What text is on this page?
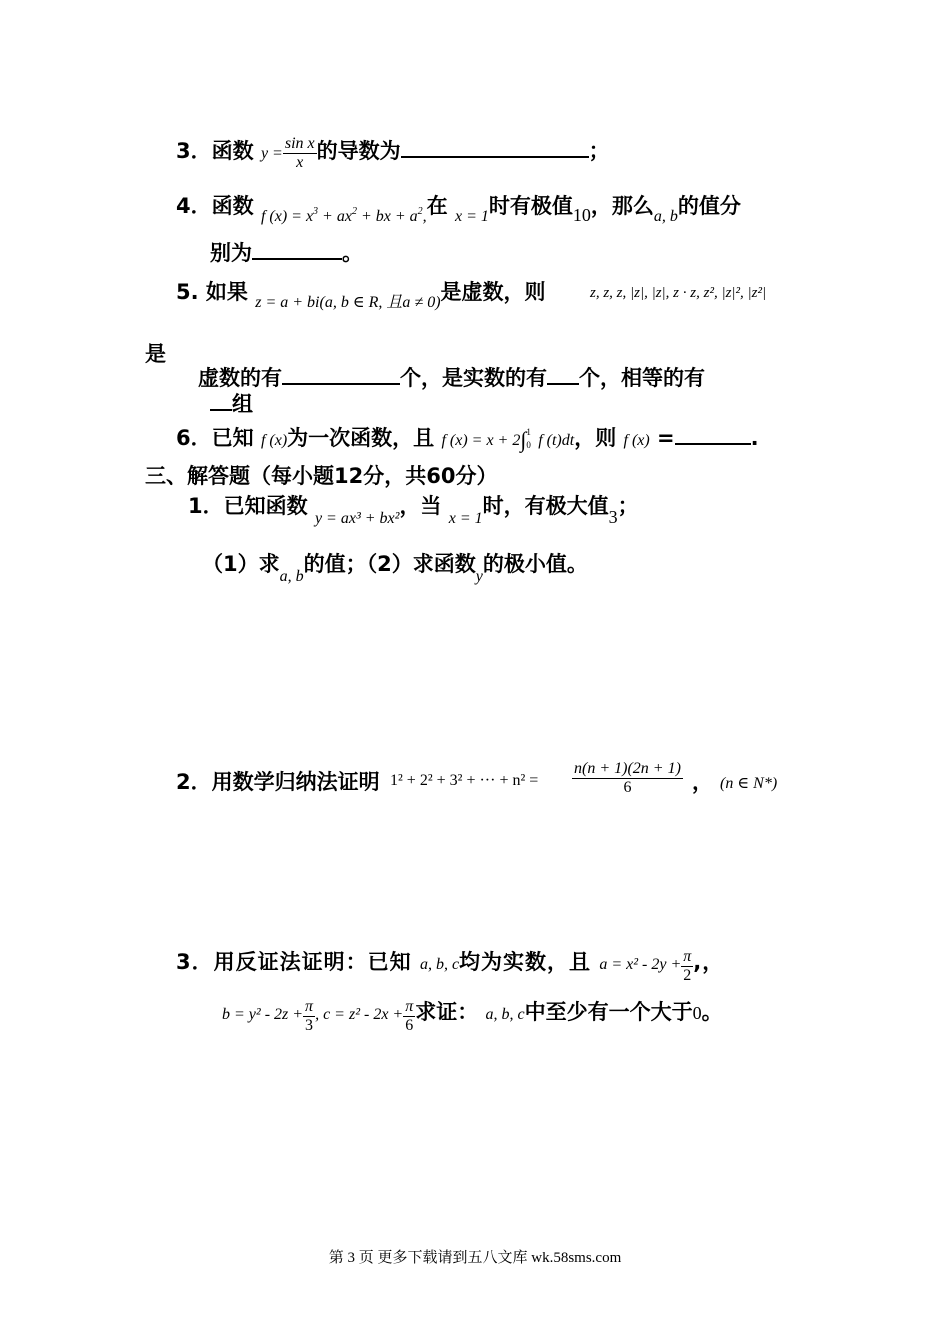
3．函数 $y = \frac{\text{sin x}}{x}$ 的导数为	；
4．函数 $_{f (x) = x^3 + ax^2 + bx + a^2,}$在 $_{x = 1}$时有极值10，那么$_{a, b}$的值分
别为	。
5. 如果 $_{z = a + bi(a, b \in R, 且a \ne 0)}$是虚数，则	z, z, z, |z|, |z|, z · z, z², |z|², |z²|
是
虚数的有	个，是实数的有 个，相等的有
组
6．已知 f (x)为一次函数，且 f (x) = x + 2∫ 1
0 f (t)dt，则 f (x) =	.
三、解答题（每小题12分，共60分）
1．已知函数 $_{y = ax^3 + bx^2}$，当 $_{x = 1}$时，有极大值3；
（1）求$_{a, b}$的值；（2）求函数$_y$的极小值。
2．用数学归纳法证明 1² + 2² + 3² + ··· + $n^2 = \frac{n(n + 1)(2n + 1)}{6}$ ， (n ∈ N*)
3．用反证法证明：已知 a, b, c均为实数，且 $a = x^2 - 2y + \frac{\pi}{2}$ ,，
$b = y^2 - 2z + \frac{\pi}{3}$ , $c = z^2 - 2x + \frac{\pi}{6}$ 求证： a, b, c中至少有一个大于0。
第 3 页 更多下载请到五八文库 wk.58sms.com
